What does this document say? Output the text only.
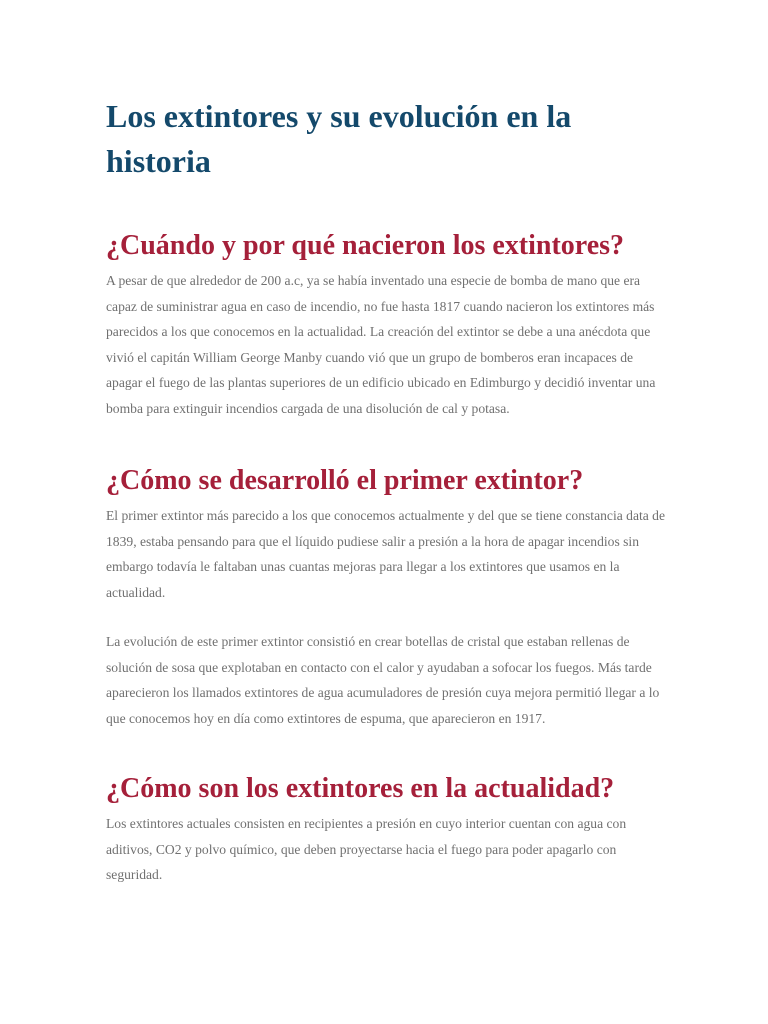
Los extintores y su evolución en la historia
¿Cuándo y por qué nacieron los extintores?

A pesar de que alrededor de 200 a.c, ya se había inventado una especie de bomba de mano que era capaz de suministrar agua en caso de incendio, no fue hasta 1817 cuando nacieron los extintores más parecidos a los que conocemos en la actualidad. La creación del extintor se debe a una anécdota que vivió el capitán William George Manby cuando vió que un grupo de bomberos eran incapaces de apagar el fuego de las plantas superiores de un edificio ubicado en Edimburgo y decidió inventar una bomba para extinguir incendios cargada de una disolución de cal y potasa.

¿Cómo se desarrolló el primer extintor?

El primer extintor más parecido a los que conocemos actualmente y del que se tiene constancia data de 1839, estaba pensando para que el líquido pudiese salir a presión a la hora de apagar incendios sin embargo todavía le faltaban unas cuantas mejoras para llegar a los extintores que usamos en la actualidad.

La evolución de este primer extintor consistió en crear botellas de cristal que estaban rellenas de solución de sosa que explotaban en contacto con el calor y ayudaban a sofocar los fuegos. Más tarde aparecieron los llamados extintores de agua acumuladores de presión cuya mejora permitió llegar a lo que conocemos hoy en día como extintores de espuma, que aparecieron en 1917.

¿Cómo son los extintores en la actualidad?

Los extintores actuales consisten en recipientes a presión en cuyo interior cuentan con agua con aditivos, CO2 y polvo químico, que deben proyectarse hacia el fuego para poder apagarlo con seguridad.
